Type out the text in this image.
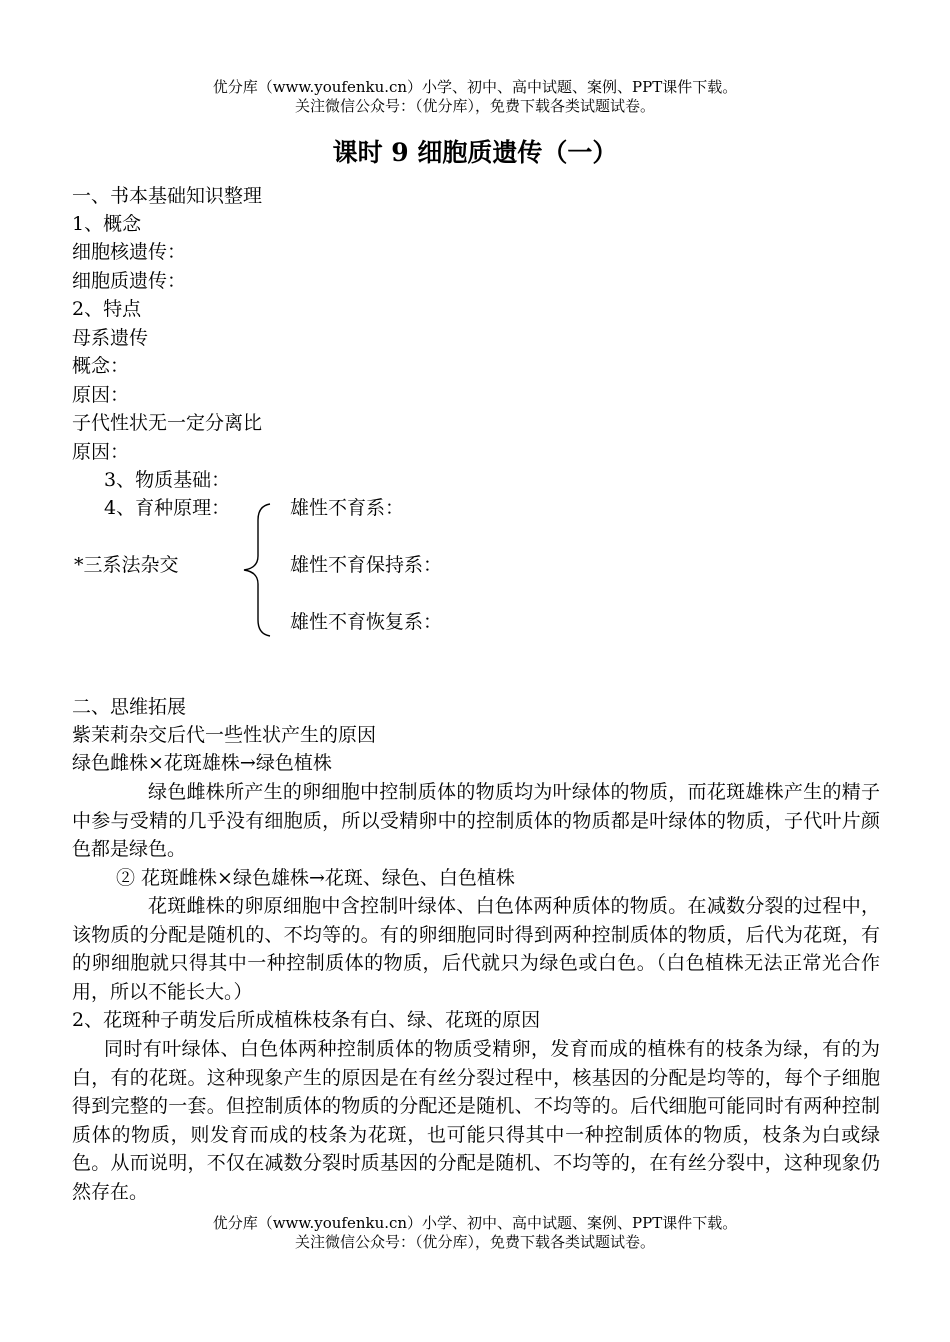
优分库（www.youfenku.cn）小学、初中、高中试题、案例、PPT课件下载。
关注微信公众号：（优分库），免费下载各类试题试卷。
课时 9 细胞质遗传（一）
一、书本基础知识整理
1、概念
细胞核遗传：
细胞质遗传：
2、特点
母系遗传
概念：
原因：
子代性状无一定分离比
原因：
3、物质基础：
4、育种原理：
*三系法杂交
雄性不育系：
雄性不育保持系：
雄性不育恢复系：
二、思维拓展
紫茉莉杂交后代一些性状产生的原因
绿色雌株×花斑雄株→绿色植株
绿色雌株所产生的卵细胞中控制质体的物质均为叶绿体的物质，而花斑雄株产生的精子中参与受精的几乎没有细胞质，所以受精卵中的控制质体的物质都是叶绿体的物质，子代叶片颜色都是绿色。
② 花斑雌株×绿色雄株→花斑、绿色、白色植株
花斑雌株的卵原细胞中含控制叶绿体、白色体两种质体的物质。在减数分裂的过程中，该物质的分配是随机的、不均等的。有的卵细胞同时得到两种控制质体的物质，后代为花斑，有的卵细胞就只得其中一种控制质体的物质，后代就只为绿色或白色。（白色植株无法正常光合作用，所以不能长大。）
2、花斑种子萌发后所成植株枝条有白、绿、花斑的原因
同时有叶绿体、白色体两种控制质体的物质受精卵，发育而成的植株有的枝条为绿，有的为白，有的花斑。这种现象产生的原因是在有丝分裂过程中，核基因的分配是均等的，每个子细胞得到完整的一套。但控制质体的物质的分配还是随机、不均等的。后代细胞可能同时有两种控制质体的物质，则发育而成的枝条为花斑，也可能只得其中一种控制质体的物质，枝条为白或绿色。从而说明，不仅在减数分裂时质基因的分配是随机、不均等的，在有丝分裂中，这种现象仍然存在。
优分库（www.youfenku.cn）小学、初中、高中试题、案例、PPT课件下载。
关注微信公众号：（优分库），免费下载各类试题试卷。
